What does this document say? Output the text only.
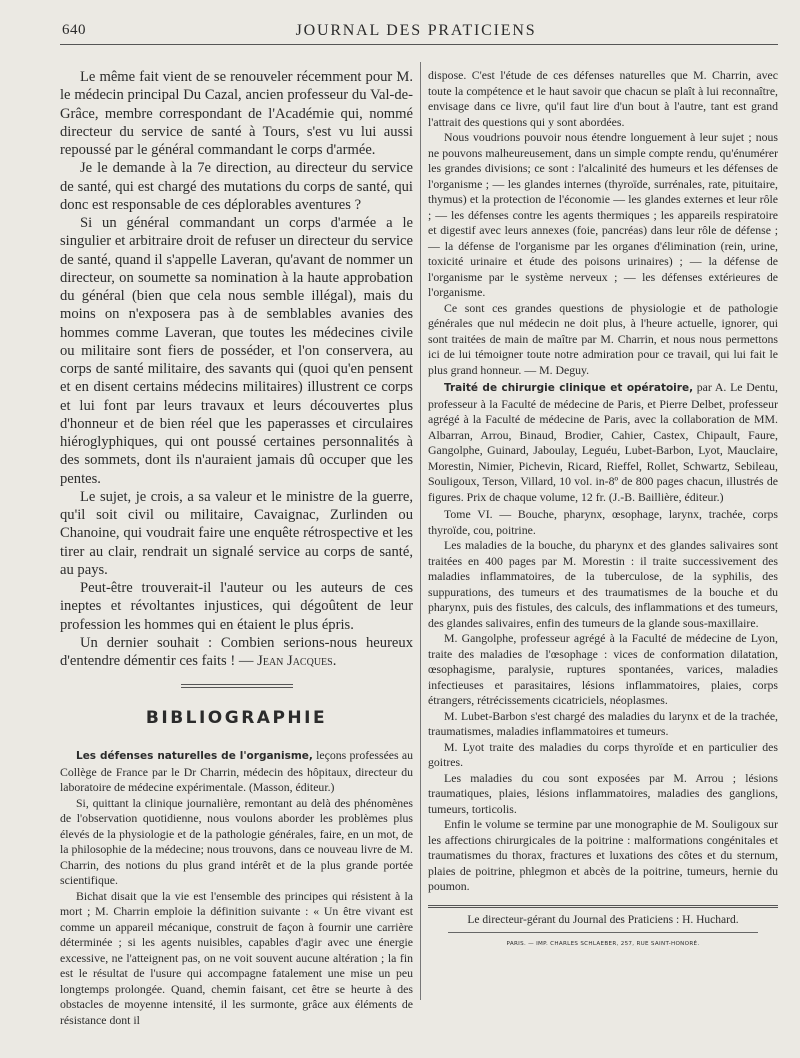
640	JOURNAL DES PRATICIENS

Le même fait vient de se renouveler récemment pour M. le médecin principal Du Cazal, ancien professeur du Val-de-Grâce, membre correspondant de l'Académie qui, nommé directeur du service de santé à Tours, s'est vu lui aussi repoussé par le général commandant le corps d'armée.

Je le demande à la 7e direction, au directeur du service de santé, qui est chargé des mutations du corps de santé, qui donc est responsable de ces déplorables aventures ?

Si un général commandant un corps d'armée a le singulier et arbitraire droit de refuser un directeur du service de santé, quand il s'appelle Laveran, qu'avant de nommer un directeur, on soumette sa nomination à la haute approbation du général (bien que cela nous semble illégal), mais du moins on n'exposera pas à de semblables avanies des hommes comme Laveran, que toutes les médecines civile ou militaire sont fiers de posséder, et l'on conservera, au corps de santé militaire, des savants qui (quoi qu'en pensent et en disent certains médecins militaires) illustrent ce corps et lui font par leurs travaux et leurs découvertes plus d'honneur et de bien réel que les paperasses et circulaires hiéroglyphiques, qui ont poussé certaines personnalités à des sommets, dont ils n'auraient jamais dû occuper que les pentes.

Le sujet, je crois, a sa valeur et le ministre de la guerre, qu'il soit civil ou militaire, Cavaignac, Zurlinden ou Chanoine, qui voudrait faire une enquête rétrospective et les tirer au clair, rendrait un signalé service au corps de santé, au pays.

Peut-être trouverait-il l'auteur ou les auteurs de ces ineptes et révoltantes injustices, qui dégoûtent de leur profession les hommes qui en étaient le plus épris.

Un dernier souhait : Combien serions-nous heureux d'entendre démentir ces faits ! — Jean Jacques.

BIBLIOGRAPHIE

Les défenses naturelles de l'organisme, leçons professées au Collège de France par le Dr Charrin, médecin des hôpitaux, directeur du laboratoire de médecine expérimentale. (Masson, éditeur.)

Si, quittant la clinique journalière, remontant au delà des phénomènes de l'observation quotidienne, nous voulons aborder les problèmes plus élevés de la physiologie et de la pathologie générales, faire, en un mot, de la philosophie de la médecine; nous trouvons, dans ce nouveau livre de M. Charrin, des notions du plus grand intérêt et de la plus grande portée scientifique.

Bichat disait que la vie est l'ensemble des principes qui résistent à la mort ; M. Charrin emploie la définition suivante : « Un être vivant est comme un appareil mécanique, construit de façon à fournir une carrière déterminée ; si les agents nuisibles, capables d'agir avec une énergie excessive, ne l'atteignent pas, on ne voit souvent aucune altération ; la fin est le résultat de l'usure qui accompagne fatalement une mise un peu longtemps prolongée. Quand, chemin faisant, cet être se heurte à des obstacles de moyenne intensité, il les surmonte, grâce aux éléments de résistance dont il

dispose. C'est l'étude de ces défenses naturelles que M. Charrin, avec toute la compétence et le haut savoir que chacun se plaît à lui reconnaître, envisage dans ce livre, qu'il faut lire d'un bout à l'autre, tant est grand l'attrait des questions qui y sont abordées.

Nous voudrions pouvoir nous étendre longuement à leur sujet ; nous ne pouvons malheureusement, dans un simple compte rendu, qu'énumérer les grandes divisions; ce sont : l'alcalinité des humeurs et les défenses de l'organisme ; — les glandes internes (thyroïde, surrénales, rate, pituitaire, thymus) et la protection de l'économie — les glandes externes et leur rôle ; — les défenses contre les agents thermiques ; les appareils respiratoire et digestif avec leurs annexes (foie, pancréas) dans leur rôle de défense ; — la défense de l'organisme par les organes d'élimination (rein, urine, toxicité urinaire et étude des poisons urinaires) ; — la défense de l'organisme par le système nerveux ; — les défenses extérieures de l'organisme.

Ce sont ces grandes questions de physiologie et de pathologie générales que nul médecin ne doit plus, à l'heure actuelle, ignorer, qui sont traitées de main de maître par M. Charrin, et nous nous permettons ici de lui témoigner toute notre admiration pour ce travail, qui lui fait le plus grand honneur. — M. Deguy.

Traité de chirurgie clinique et opératoire, par A. Le Dentu, professeur à la Faculté de médecine de Paris, et Pierre Delbet, professeur agrégé à la Faculté de médecine de Paris, avec la collaboration de MM. Albarran, Arrou, Binaud, Brodier, Cahier, Castex, Chipault, Faure, Gangolphe, Guinard, Jaboulay, Leguéu, Lubet-Barbon, Lyot, Mauclaire, Morestin, Nimier, Pichevin, Ricard, Rieffel, Rollet, Schwartz, Sebileau, Souligoux, Terson, Villard, 10 vol. in-8º de 800 pages chacun, illustrés de figures. Prix de chaque volume, 12 fr. (J.-B. Baillière, éditeur.)

Tome VI. — Bouche, pharynx, œsophage, larynx, trachée, corps thyroïde, cou, poitrine.

Les maladies de la bouche, du pharynx et des glandes salivaires sont traitées en 400 pages par M. Morestin : il traite successivement des maladies inflammatoires, de la tuberculose, de la syphilis, des suppurations, des tumeurs et des traumatismes de la bouche et du pharynx, puis des fistules, des calculs, des inflammations et des tumeurs, des glandes salivaires, enfin des tumeurs de la glande sous-maxillaire.

M. Gangolphe, professeur agrégé à la Faculté de médecine de Lyon, traite des maladies de l'œsophage : vices de conformation dilatation, œsophagisme, paralysie, ruptures spontanées, varices, maladies infectieuses et parasitaires, lésions inflammatoires, plaies, corps étrangers, rétrécissements cicatriciels, néoplasmes.

M. Lubet-Barbon s'est chargé des maladies du larynx et de la trachée, traumatismes, maladies inflammatoires et tumeurs.

M. Lyot traite des maladies du corps thyroïde et en particulier des goitres.

Les maladies du cou sont exposées par M. Arrou ; lésions traumatiques, plaies, lésions inflammatoires, maladies des ganglions, tumeurs, torticolis.

Enfin le volume se termine par une monographie de M. Souligoux sur les affections chirurgicales de la poitrine : malformations congénitales et traumatismes du thorax, fractures et luxations des côtes et du sternum, plaies de poitrine, phlegmon et abcès de la poitrine, tumeurs, hernie du poumon.

Le directeur-gérant du Journal des Praticiens : H. Huchard.
PARIS. — IMP. CHARLES SCHLAEBER, 257, RUE SAINT-HONORÉ.
